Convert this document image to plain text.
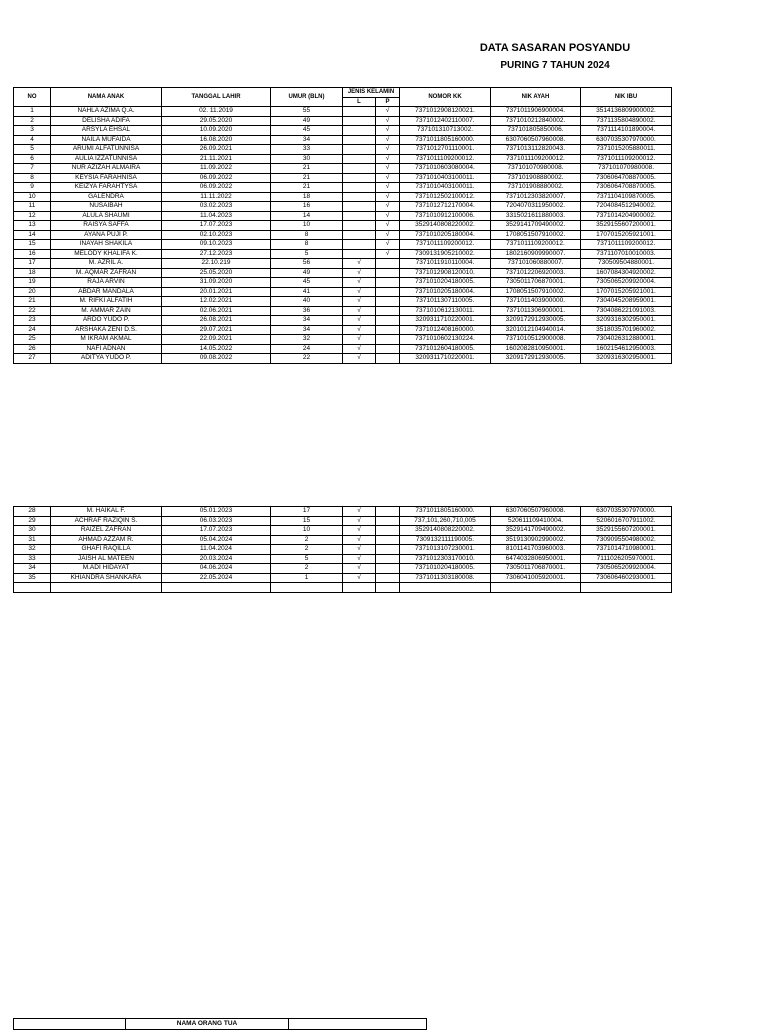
DATA SASARAN POSYANDU
PURING 7 TAHUN 2024
NO	NAMA ANAK	TANGGAL LAHIR	UMUR (BLN)	JENIS KELAMIN		NOMOR KK	NIK AYAH	NIK IBU
				L	P			
1	NAHLA AZIMA Q.A.	02. 11.2019	55		√	7371012908120021.	7371011906900004.	3514136809900002.
2	DELISHA ADIFA	29.05.2020	49		√	7371012402110007.	7371010212840002.	7371135804890002.
3	ARSYLA EHSAL	10.09.2020	45		√	737101310713002.	737101805850006.	7371114101890004.
4	NAILA MUFAIDA	16.08.2020	34		√	7371011805160000.	6307060507960008.	6307035307970000.
5	ARUMI ALFATUNNISA	26.09.2021	33		√	7371012701110001.	7371013112820043.	7371015205880011.
6	AULIA IZZATUNNISA	21.11.2021	30		√	7371011109200012.	7371011109200012.	7371011109200012.
7	NUR AZIZAH ALMAIRA	11.09.2022	21		√	7371010603080004.	737101070980008.	737101070980008.
8	KEYSIA FARAHNISA	06.09.2022	21		√	7371010403100011.	737101908880002.	7306064708870005.
9	KEIZYA FARAHTYSA	06.09.2022	21		√	7371010403100011.	737101908880002.	7306064708870005.
10	GALENDRA	11.11.2022	18		√	7371012502100012.	7371012303820007.	7371104109870005.
11	NUSAIBAH	03.02.2023	16		√	7371012712170004.	7204070311950002.	7204084512940002.
12	ALULA SHAUMI	11.04.2023	14		√	7371010912100006.	3315021611880003.	7371014204900002.
13	RAISYA SAFFA	17.07.2023	10		√	3529140808220002.	3529141709490002.	3529155607200001.
14	AYANA PUJI P.	02.10.2023	8		√	7371010205180004.	1708051507910002.	1707015205921001.
15	INAYAH SHAKILA	09.10.2023	8		√	7371011109200012.	7371011109200012.	7371011109200012.
16	MELODY KHALIFA K.	27.12.2023	5		√	7309131905210002.	1802160909990007.	7371107010010003.
17	M. AZRIL A.	22.10.219	56	√		7371011910110004.	737101060880007.	730509504880001.
18	M. AQMAR ZAFRAN	25.05.2020	49	√		7371012908120010.	7371012206920003.	1607084304920002.
19	RAJA ARVIN	31.09.2020	45	√		7371010204180005.	7305011706870001.	7305065209920004.
20	ABDAR MANDALA	20.01.2021	41	√		7371010205180004.	1708051507910002.	1707015205921001.
21	M. RIFKI ALFATIH	12.02.2021	40	√		7371011307110005.	7371011403900000.	7304045208959001.
22	M. AMMAR ZAIN	02.06.2021	36	√		7371010612130011.	7371011306900001.	7304086221091003.
23	ARDO YUDO P.	26.08.2021	34	√		3209311710220001.	3209172912930005.	3209316302950001.
24	ARSHAKA ZENI D.S.	29.07.2021	34	√		7371012408160000.	3201012104940014.	3518035701960002.
25	M IKRAM AKMAL	22.09.2021	32	√		7371010602130224.	7371010512900008.	7304026312880001.
26	NAFI ADNAN	14.05.2022	24	√		7371012604180005.	1602082810950001.	1602154612950003.
27	ADITYA YUDO P.	09.08.2022	22	√		3209311710220001.	3209172912930005.	3209316302950001.
28	M. HAIKAL F.	05.01.2023	17	√		7371011805160000.	6307060507960008.	6307035307970000.
29	ACHRAF RAZIQIN S.	06.03.2023	15	√		737,101,260,710,005	520611109410004.	5206016707911002.
30	RAIZEL ZAFRAN	17.07.2023	10	√		3529140808220002.	3529141709490002.	3529155607200001.
31	AHMAD AZZAM R.	05.04.2024	2	√		7309132111190005.	3519130902990002.	7309095504980002.
32	GHAFI RAQILLA	11.04.2024	2	√		7371013107230001.	8101141703960003.	7371014710980001.
33	JAISH AL MATEEN	20.03.2024	5	√		7371012303170010.	6474032806950001.	7111026205970001.
34	M.ADI HIDAYAT	04.06.2024	2	√		7371010204180005.	7305011706870001.	7305065209920004.
35	KHIANDRA SHANKARA	22.05.2024	1	√		7371011303180008.	7306041005920001.	7306064602930001.

	NAMA ORANG TUA	
